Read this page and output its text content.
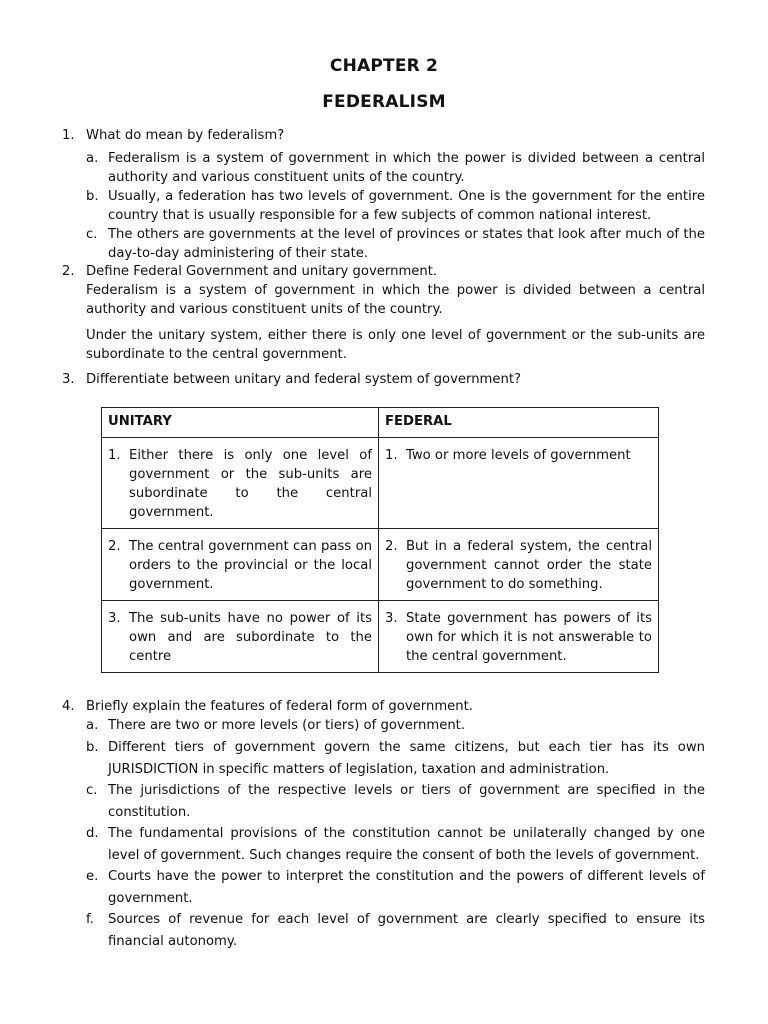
CHAPTER 2
FEDERALISM
1. What do mean by federalism?
a. Federalism is a system of government in which the power is divided between a central authority and various constituent units of the country.
b. Usually, a federation has two levels of government. One is the government for the entire country that is usually responsible for a few subjects of common national interest.
c. The others are governments at the level of provinces or states that look after much of the day-to-day administering of their state.
2. Define Federal Government and unitary government.
Federalism is a system of government in which the power is divided between a central authority and various constituent units of the country.
Under the unitary system, either there is only one level of government or the sub-units are subordinate to the central government.
3. Differentiate between unitary and federal system of government?
UNITARY	FEDERAL

1. Either there is only one level of government or the sub-units are subordinate to the central government.	1. Two or more levels of government

2. The central government can pass on orders to the provincial or the local government.	2. But in a federal system, the central government cannot order the state government to do something.

3. The sub-units have no power of its own and are subordinate to the centre	3. State government has powers of its own for which it is not answerable to the central government.
4. Briefly explain the features of federal form of government.
a. There are two or more levels (or tiers) of government.
b. Different tiers of government govern the same citizens, but each tier has its own JURISDICTION in specific matters of legislation, taxation and administration.
c. The jurisdictions of the respective levels or tiers of government are specified in the constitution.
d. The fundamental provisions of the constitution cannot be unilaterally changed by one level of government. Such changes require the consent of both the levels of government.
e. Courts have the power to interpret the constitution and the powers of different levels of government.
f. Sources of revenue for each level of government are clearly specified to ensure its financial autonomy.
